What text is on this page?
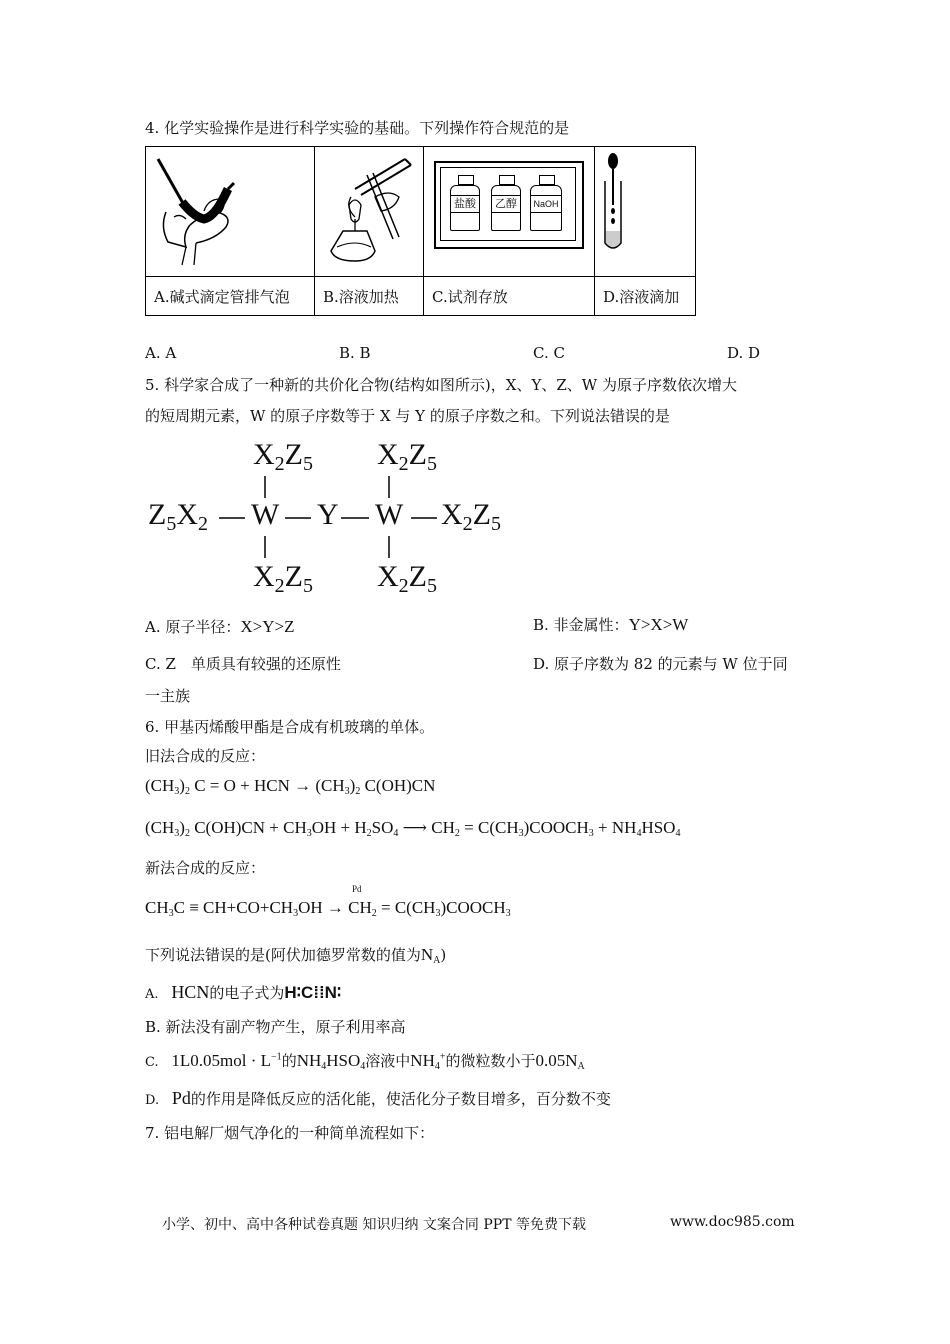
4. 化学实验操作是进行科学实验的基础。下列操作符合规范的是

盐酸 乙醇 NaOH

A.碱式滴定管排气泡	B.溶液加热	C.试剂存放	D.溶液滴加
A. A	B. B	C. C	D. D
5. 科学家合成了一种新的共价化合物(结构如图所示)，X、Y、Z、W 为原子序数依次增大
的短周期元素，W 的原子序数等于 X 与 Y 的原子序数之和。下列说法错误的是
$X_2Z_5$ $X_2Z_5$
$Z_5X_2$ W Y W $X_2Z_5$
$X_2Z_5$ $X_2Z_5$
A. 原子半径：X>Y>Z	B. 非金属性：Y>X>W
C. Z　单质具有较强的还原性	D. 原子序数为 82 的元素与 W 位于同
一主族
6. 甲基丙烯酸甲酯是合成有机玻璃的单体。
旧法合成的反应：
$(CH_3)_2$ C = O + HCN → $(CH_3)_2$ C(OH)CN
$(CH_3)_2$ $C(OH)CN + CH_3OH + H_2SO_4$ ⟶ $CH_2$ = $C(CH_3)COOCH_3 + NH_4HSO_4$
新法合成的反应：
Pd
$CH_3C \equiv CH+CO+CH_3OH \to CH_2$ = $C(CH_3)COOCH_3$
下列说法错误的是(阿伏加德罗常数的值为$N_A$)
A. HCN的电子式为H∶C⁞⁞N∶
B. 新法没有副产物产生，原子利用率高
C. $1L0.05mol \cdot L^{-1}$的$NH_4HSO_4$溶液中$NH_4^+$的微粒数小于$0.05N_A$
D. Pd的作用是降低反应的活化能，使活化分子数目增多，百分数不变
7. 铝电解厂烟气净化的一种简单流程如下：
小学、初中、高中各种试卷真题 知识归纳 文案合同 PPT 等免费下载	www.doc985.com
